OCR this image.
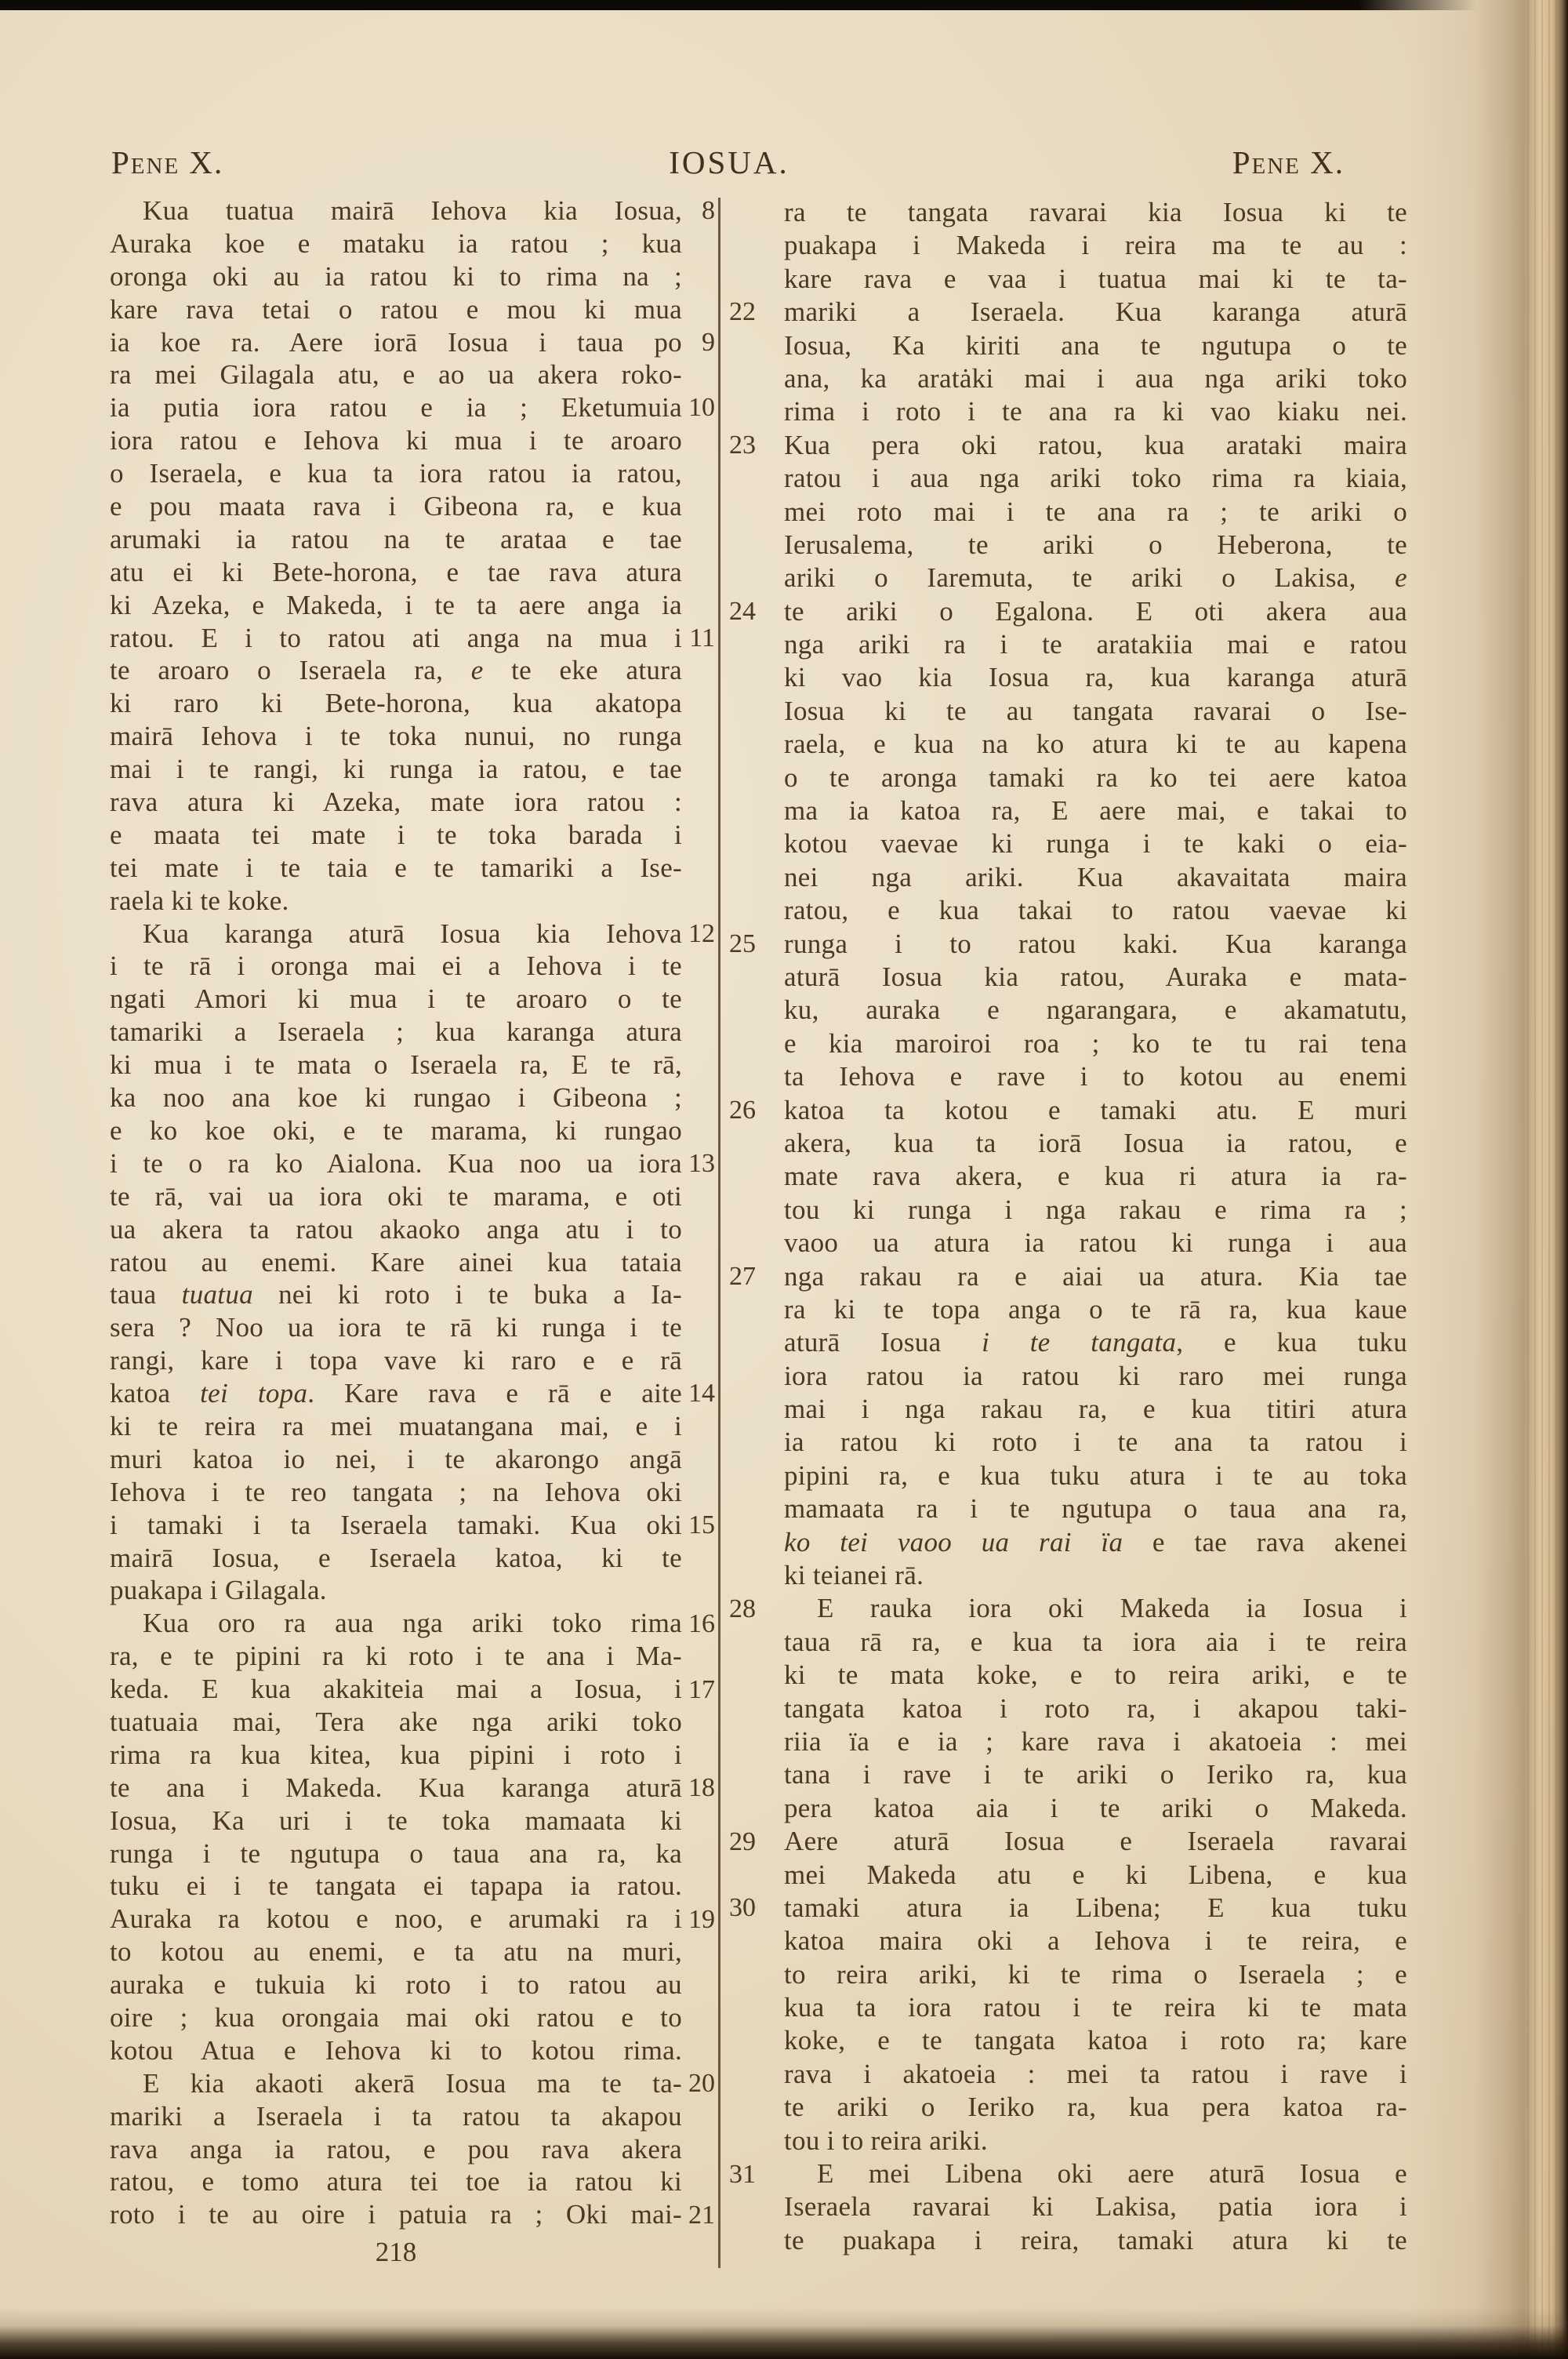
Pene X.	IOSUA.	Pene X.
Kua tuatua mairā Iehova kia Iosua,
Auraka koe e mataku ia ratou ; kua
oronga oki au ia ratou ki to rima na ;
kare rava tetai o ratou e mou ki mua
ia koe ra. Aere iorā Iosua i taua po
ra mei Gilagala atu, e ao ua akera roko-
ia putia iora ratou e ia ; Eketumuia
iora ratou e Iehova ki mua i te aroaro
o Iseraela, e kua ta iora ratou ia ratou,
e pou maata rava i Gibeona ra, e kua
arumaki ia ratou na te arataa e tae
atu ei ki Bete-horona, e tae rava atura
ki Azeka, e Makeda, i te ta aere anga ia
ratou. E i to ratou ati anga na mua i
te aroaro o Iseraela ra, e te eke atura
ki raro ki Bete-horona, kua akatopa
mairā Iehova i te toka nunui, no runga
mai i te rangi, ki runga ia ratou, e tae
rava atura ki Azeka, mate iora ratou :
e maata tei mate i te toka barada i
tei mate i te taia e te tamariki a Ise-
raela ki te koke.
Kua karanga aturā Iosua kia Iehova
i te rā i oronga mai ei a Iehova i te
ngati Amori ki mua i te aroaro o te
tamariki a Iseraela ; kua karanga atura
ki mua i te mata o Iseraela ra, E te rā,
ka noo ana koe ki rungao i Gibeona ;
e ko koe oki, e te marama, ki rungao
i te o ra ko Aialona. Kua noo ua iora
te rā, vai ua iora oki te marama, e oti
ua akera ta ratou akaoko anga atu i to
ratou au enemi. Kare ainei kua tataia
taua tuatua nei ki roto i te buka a Ia-
sera ? Noo ua iora te rā ki runga i te
rangi, kare i topa vave ki raro e e rā
katoa tei topa. Kare rava e rā e aite
ki te reira ra mei muatangana mai, e i
muri katoa io nei, i te akarongo angā
Iehova i te reo tangata ; na Iehova oki
i tamaki i ta Iseraela tamaki. Kua oki
mairā Iosua, e Iseraela katoa, ki te
puakapa i Gilagala.
Kua oro ra aua nga ariki toko rima
ra, e te pipini ra ki roto i te ana i Ma-
keda. E kua akakiteia mai a Iosua, i
tuatuaia mai, Tera ake nga ariki toko
rima ra kua kitea, kua pipini i roto i
te ana i Makeda. Kua karanga aturā
Iosua, Ka uri i te toka mamaata ki
runga i te ngutupa o taua ana ra, ka
tuku ei i te tangata ei tapapa ia ratou.
Auraka ra kotou e noo, e arumaki ra i
to kotou au enemi, e ta atu na muri,
auraka e tukuia ki roto i to ratou au
oire ; kua orongaia mai oki ratou e to
kotou Atua e Iehova ki to kotou rima.
E kia akaoti akerā Iosua ma te ta-
mariki a Iseraela i ta ratou ta akapou
rava anga ia ratou, e pou rava akera
ratou, e tomo atura tei toe ia ratou ki
roto i te au oire i patuia ra ; Oki mai-
ra te tangata ravarai kia Iosua ki te
puakapa i Makeda i reira ma te au :
kare rava e vaa i tuatua mai ki te ta-
mariki a Iseraela. Kua karanga aturā
Iosua, Ka kiriti ana te ngutupa o te
ana, ka aratȧki mai i aua nga ariki toko
rima i roto i te ana ra ki vao kiaku nei.
Kua pera oki ratou, kua arataki maira
ratou i aua nga ariki toko rima ra kiaia,
mei roto mai i te ana ra ; te ariki o
Ierusalema, te ariki o Heberona, te
ariki o Iaremuta, te ariki o Lakisa, e
te ariki o Egalona. E oti akera aua
nga ariki ra i te aratakiia mai e ratou
ki vao kia Iosua ra, kua karanga aturā
Iosua ki te au tangata ravarai o Ise-
raela, e kua na ko atura ki te au kapena
o te aronga tamaki ra ko tei aere katoa
ma ia katoa ra, E aere mai, e takai to
kotou vaevae ki runga i te kaki o eia-
nei nga ariki. Kua akavaitata maira
ratou, e kua takai to ratou vaevae ki
runga i to ratou kaki. Kua karanga
aturā Iosua kia ratou, Auraka e mata-
ku, auraka e ngarangara, e akamatutu,
e kia maroiroi roa ; ko te tu rai tena
ta Iehova e rave i to kotou au enemi
katoa ta kotou e tamaki atu. E muri
akera, kua ta iorā Iosua ia ratou, e
mate rava akera, e kua ri atura ia ra-
tou ki runga i nga rakau e rima ra ;
vaoo ua atura ia ratou ki runga i aua
nga rakau ra e aiai ua atura. Kia tae
ra ki te topa anga o te rā ra, kua kaue
aturā Iosua i te tangata, e kua tuku
iora ratou ia ratou ki raro mei runga
mai i nga rakau ra, e kua titiri atura
ia ratou ki roto i te ana ta ratou i
pipini ra, e kua tuku atura i te au toka
mamaata ra i te ngutupa o taua ana ra,
ko tei vaoo ua rai ïa e tae rava akenei
ki teianei rā.
E rauka iora oki Makeda ia Iosua i
taua rā ra, e kua ta iora aia i te reira
ki te mata koke, e to reira ariki, e te
tangata katoa i roto ra, i akapou taki-
riia ïa e ia ; kare rava i akatoeia : mei
tana i rave i te ariki o Ieriko ra, kua
pera katoa aia i te ariki o Makeda.
Aere aturā Iosua e Iseraela ravarai
mei Makeda atu e ki Libena, e kua
tamaki atura ia Libena; E kua tuku
katoa maira oki a Iehova i te reira, e
to reira ariki, ki te rima o Iseraela ; e
kua ta iora ratou i te reira ki te mata
koke, e te tangata katoa i roto ra; kare
rava i akatoeia : mei ta ratou i rave i
te ariki o Ieriko ra, kua pera katoa ra-
tou i to reira ariki.
E mei Libena oki aere aturā Iosua e
Iseraela ravarai ki Lakisa, patia iora i
te puakapa i reira, tamaki atura ki te
218
8
9
10
11
12
13
14
15
16
17
18
19
20
21
22
23
24
25
26
27
28
29
30
31
